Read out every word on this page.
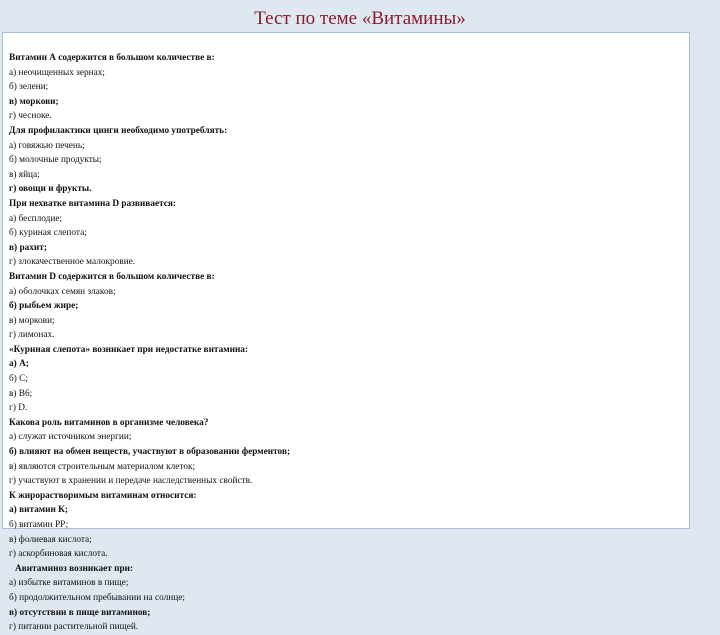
Тест по теме «Витамины»
Витамин А содержится в большом количестве в:
а) неочищенных зернах;
б) зелени;
в) моркови;
г) чесноке.
Для профилактики цинги необходимо употреблять:
а) говяжью печень;
б) молочные продукты;
в) яйца;
г) овощи и фрукты.
При нехватке витамина D развивается:
а) бесплодие;
б) куриная слепота;
в) рахит;
г) злокачественное малокровие.
Витамин D содержится в большом количестве в:
а) оболочках семян злаков;
б) рыбьем жире;
в) моркови;
г) лимонах.
«Куриная слепота» возникает при недостатке витамина:
а) А;
б) С;
в) В6;
г) D.
Какова роль витаминов в организме человека?
а) служат источником энергии;
б) влияют на обмен веществ, участвуют в образовании ферментов;
в) являются строительным материалом клеток;
г) участвуют в хранении и передаче наследственных свойств.
К жирорастворимым витаминам относится:
а) витамин К;
б) витамин РР;
в) фолиевая кислота;
г) аскорбиновая кислота.
Авитаминоз возникает при:
а) избытке витаминов в пище;
б) продолжительном пребывании на солнце;
в) отсутствии в пище витаминов;
г) питании растительной пищей.
